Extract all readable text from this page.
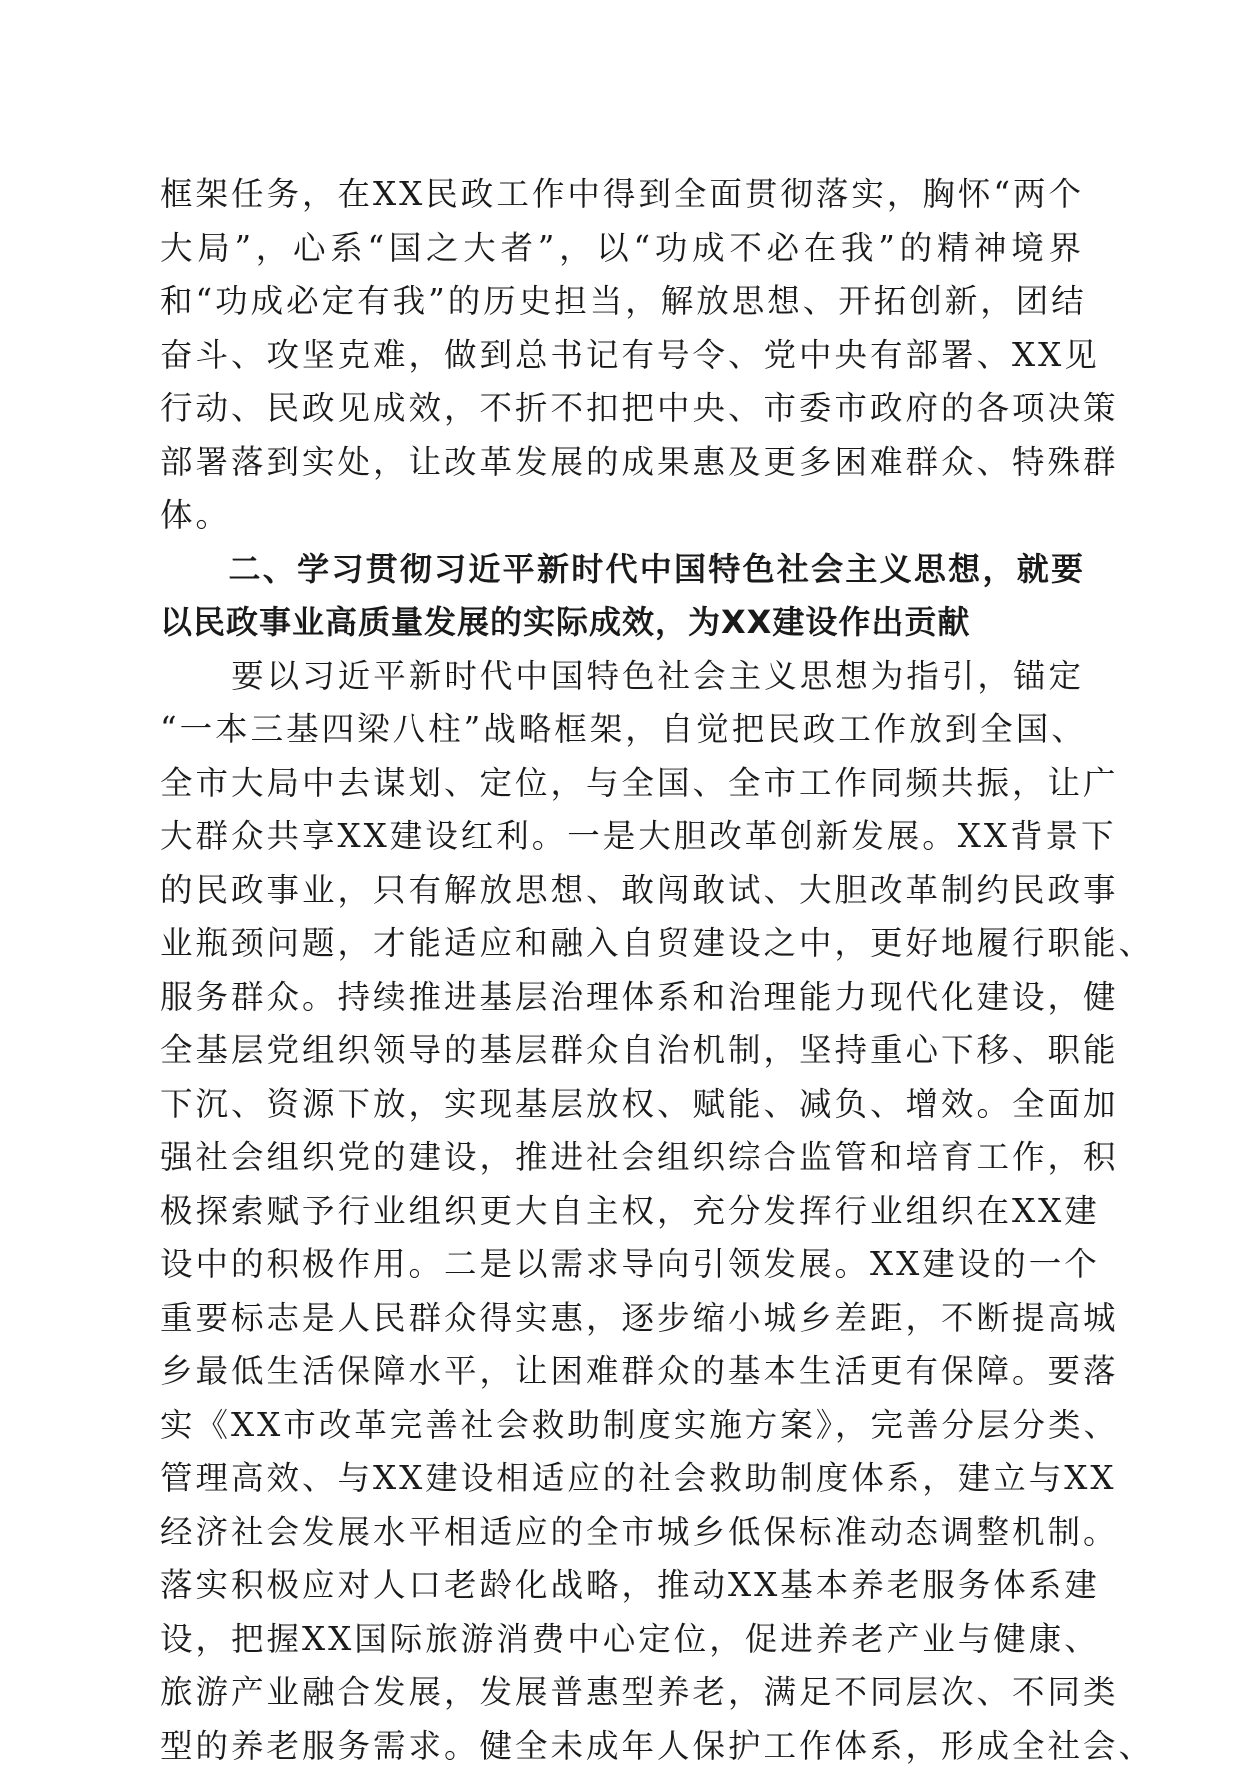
框架任务，在XX民政工作中得到全面贯彻落实，胸怀“两个
大局”，心系“国之大者”，以“功成不必在我”的精神境界
和“功成必定有我”的历史担当，解放思想、开拓创新，团结
奋斗、攻坚克难，做到总书记有号令、党中央有部署、XX见
行动、民政见成效，不折不扣把中央、市委市政府的各项决策
部署落到实处，让改革发展的成果惠及更多困难群众、特殊群
体。
　　二、学习贯彻习近平新时代中国特色社会主义思想，就要
以民政事业高质量发展的实际成效，为XX建设作出贡献
　　要以习近平新时代中国特色社会主义思想为指引，锚定
“一本三基四梁八柱”战略框架，自觉把民政工作放到全国、
全市大局中去谋划、定位，与全国、全市工作同频共振，让广
大群众共享XX建设红利。一是大胆改革创新发展。XX背景下
的民政事业，只有解放思想、敢闯敢试、大胆改革制约民政事
业瓶颈问题，才能适应和融入自贸建设之中，更好地履行职能、
服务群众。持续推进基层治理体系和治理能力现代化建设，健
全基层党组织领导的基层群众自治机制，坚持重心下移、职能
下沉、资源下放，实现基层放权、赋能、减负、增效。全面加
强社会组织党的建设，推进社会组织综合监管和培育工作，积
极探索赋予行业组织更大自主权，充分发挥行业组织在XX建
设中的积极作用。二是以需求导向引领发展。XX建设的一个
重要标志是人民群众得实惠，逐步缩小城乡差距，不断提高城
乡最低生活保障水平，让困难群众的基本生活更有保障。要落
实《XX市改革完善社会救助制度实施方案》，完善分层分类、
管理高效、与XX建设相适应的社会救助制度体系，建立与XX
经济社会发展水平相适应的全市城乡低保标准动态调整机制。
落实积极应对人口老龄化战略，推动XX基本养老服务体系建
设，把握XX国际旅游消费中心定位，促进养老产业与健康、
旅游产业融合发展，发展普惠型养老，满足不同层次、不同类
型的养老服务需求。健全未成年人保护工作体系，形成全社会、
